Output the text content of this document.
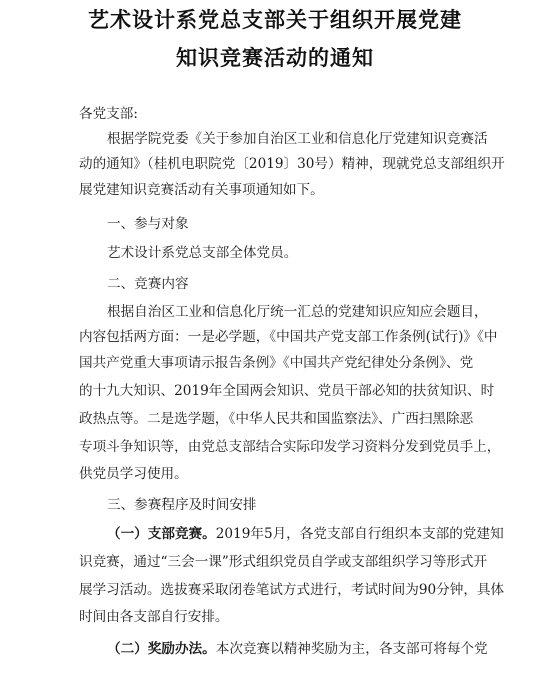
艺术设计系党总支部关于组织开展党建
知识竞赛活动的通知
各党支部:
根据学院党委《关于参加自治区工业和信息化厅党建知识竞赛活
动的通知》（桂机电职院党〔2019〕30号）精神，现就党总支部组织开
展党建知识竞赛活动有关事项通知如下。
一、参与对象
艺术设计系党总支部全体党员。
二、竞赛内容
根据自治区工业和信息化厅统一汇总的党建知识应知应会题目，
内容包括两方面：一是必学题，《中国共产党支部工作条例(试行)》《中
国共产党重大事项请示报告条例》《中国共产党纪律处分条例》、党
的十九大知识、2019年全国两会知识、党员干部必知的扶贫知识、时
政热点等。二是选学题，《中华人民共和国监察法》、广西扫黑除恶
专项斗争知识等，由党总支部结合实际印发学习资料分发到党员手上，
供党员学习使用。
三、参赛程序及时间安排
（一）支部竞赛。2019年5月，各党支部自行组织本支部的党建知
识竞赛，通过“三会一课”形式组织党员自学或支部组织学习等形式开
展学习活动。选拔赛采取闭卷笔试方式进行，考试时间为90分钟，具体
时间由各支部自行安排。
（二）奖励办法。本次竞赛以精神奖励为主，各支部可将每个党
